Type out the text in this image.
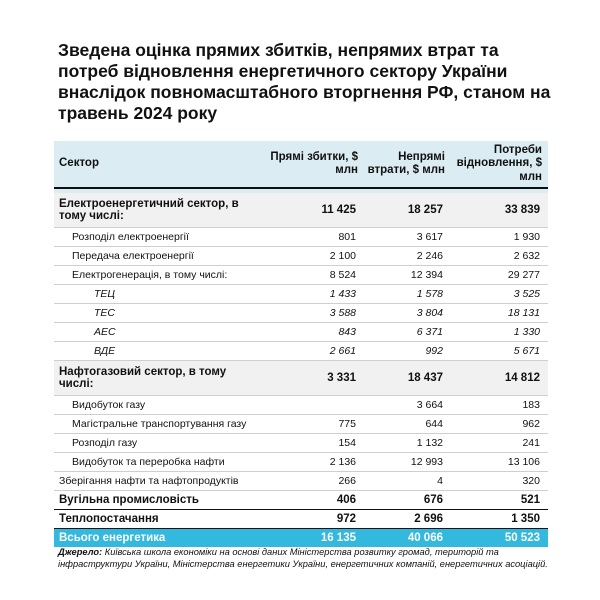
Зведена оцінка прямих збитків, непрямих втрат та потреб відновлення енергетичного сектору України внаслідок повномасштабного вторгнення РФ, станом на травень 2024 року
Сектор	Прямі збитки, $ млн	Непрямі втрати, $ млн	Потреби відновлення, $ млн

Електроенергетичний сектор, в тому числі:	11 425	18 257	33 839
Розподіл електроенергії	801	3 617	1 930
Передача електроенергії	2 100	2 246	2 632
Електрогенерація, в тому числі:	8 524	12 394	29 277
ТЕЦ	1 433	1 578	3 525
ТЕС	3 588	3 804	18 131
АЕС	843	6 371	1 330
ВДЕ	2 661	992	5 671
Нафтогазовий сектор, в тому числі:	3 331	18 437	14 812
Видобуток газу		3 664	183
Магістральне транспортування газу	775	644	962
Розподіл газу	154	1 132	241
Видобуток та переробка нафти	2 136	12 993	13 106
Зберігання нафти та нафтопродуктів	266	4	320
Вугільна промисловість	406	676	521
Теплопостачання	972	2 696	1 350
Всього енергетика	16 135	40 066	50 523
Джерело: Київська школа економіки на основі даних Міністерства розвитку громад, територій та інфраструктури України, Міністерства енергетики України, енергетичних компаній, енергетичних асоціацій.
